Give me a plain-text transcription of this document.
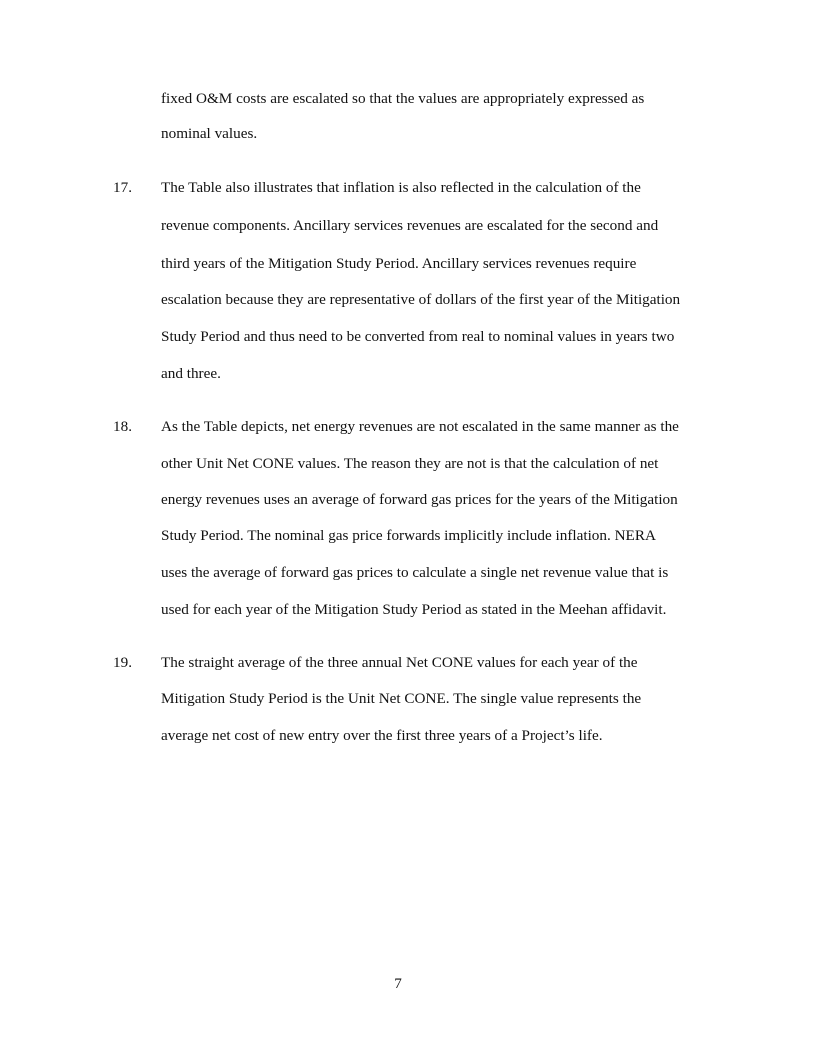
fixed O&M costs are escalated so that the values are appropriately expressed as
nominal values.
17. The Table also illustrates that inflation is also reflected in the calculation of the
revenue components. Ancillary services revenues are escalated for the second and
third years of the Mitigation Study Period. Ancillary services revenues require
escalation because they are representative of dollars of the first year of the Mitigation
Study Period and thus need to be converted from real to nominal values in years two
and three.
18. As the Table depicts, net energy revenues are not escalated in the same manner as the
other Unit Net CONE values. The reason they are not is that the calculation of net
energy revenues uses an average of forward gas prices for the years of the Mitigation
Study Period. The nominal gas price forwards implicitly include inflation. NERA
uses the average of forward gas prices to calculate a single net revenue value that is
used for each year of the Mitigation Study Period as stated in the Meehan affidavit.
19. The straight average of the three annual Net CONE values for each year of the
Mitigation Study Period is the Unit Net CONE. The single value represents the
average net cost of new entry over the first three years of a Project’s life.
7
